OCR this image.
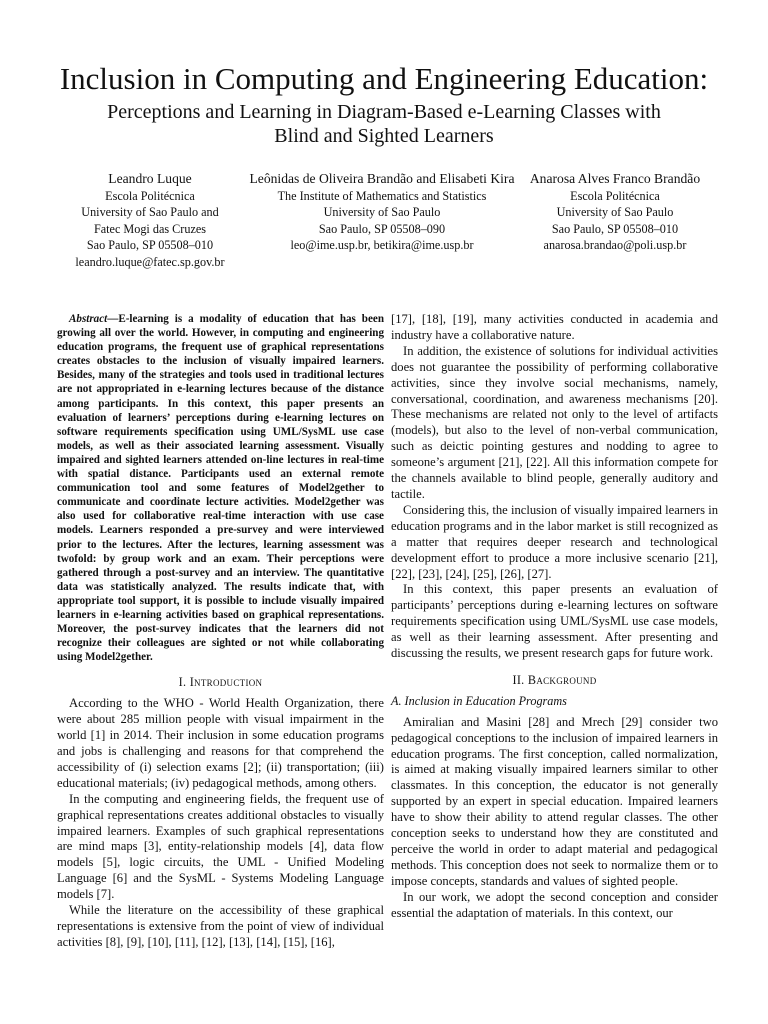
Inclusion in Computing and Engineering Education:
Perceptions and Learning in Diagram-Based e-Learning Classes with
Blind and Sighted Learners
Leandro Luque
Escola Politécnica
University of Sao Paulo and
Fatec Mogi das Cruzes
Sao Paulo, SP 05508–010
leandro.luque@fatec.sp.gov.br
Leônidas de Oliveira Brandão and Elisabeti Kira
The Institute of Mathematics and Statistics
University of Sao Paulo
Sao Paulo, SP 05508–090
leo@ime.usp.br, betikira@ime.usp.br
Anarosa Alves Franco Brandão
Escola Politécnica
University of Sao Paulo
Sao Paulo, SP 05508–010
anarosa.brandao@poli.usp.br

Abstract—E-learning is a modality of education that has been growing all over the world. However, in computing and engineering education programs, the frequent use of graphical representations creates obstacles to the inclusion of visually impaired learners. Besides, many of the strategies and tools used in traditional lectures are not appropriated in e-learning lectures because of the distance among participants. In this context, this paper presents an evaluation of learners’ perceptions during e-learning lectures on software requirements specification using UML/SysML use case models, as well as their associated learning assessment. Visually impaired and sighted learners attended on-line lectures in real-time with spatial distance. Participants used an external remote communication tool and some features of Model2gether to communicate and coordinate lecture activities. Model2gether was also used for collaborative real-time interaction with use case models. Learners responded a pre-survey and were interviewed prior to the lectures. After the lectures, learning assessment was twofold: by group work and an exam. Their perceptions were gathered through a post-survey and an interview. The quantitative data was statistically analyzed. The results indicate that, with appropriate tool support, it is possible to include visually impaired learners in e-learning activities based on graphical representations. Moreover, the post-survey indicates that the learners did not recognize their colleagues are sighted or not while collaborating using Model2gether.

I. Introduction

According to the WHO - World Health Organization, there were about 285 million people with visual impairment in the world [1] in 2014. Their inclusion in some education programs and jobs is challenging and reasons for that comprehend the accessibility of (i) selection exams [2]; (ii) transportation; (iii) educational materials; (iv) pedagogical methods, among others.

In the computing and engineering fields, the frequent use of graphical representations creates additional obstacles to visually impaired learners. Examples of such graphical representations are mind maps [3], entity-relationship models [4], data flow models [5], logic circuits, the UML - Unified Modeling Language [6] and the SysML - Systems Modeling Language models [7].

While the literature on the accessibility of these graphical representations is extensive from the point of view of individual activities [8], [9], [10], [11], [12], [13], [14], [15], [16],

[17], [18], [19], many activities conducted in academia and industry have a collaborative nature.

In addition, the existence of solutions for individual activities does not guarantee the possibility of performing collaborative activities, since they involve social mechanisms, namely, conversational, coordination, and awareness mechanisms [20]. These mechanisms are related not only to the level of artifacts (models), but also to the level of non-verbal communication, such as deictic pointing gestures and nodding to agree to someone’s argument [21], [22]. All this information compete for the channels available to blind people, generally auditory and tactile.

Considering this, the inclusion of visually impaired learners in education programs and in the labor market is still recognized as a matter that requires deeper research and technological development effort to produce a more inclusive scenario [21], [22], [23], [24], [25], [26], [27].

In this context, this paper presents an evaluation of participants’ perceptions during e-learning lectures on software requirements specification using UML/SysML use case models, as well as their learning assessment. After presenting and discussing the results, we present research gaps for future work.

II. Background
A. Inclusion in Education Programs

Amiralian and Masini [28] and Mrech [29] consider two pedagogical conceptions to the inclusion of impaired learners in education programs. The first conception, called normalization, is aimed at making visually impaired learners similar to other classmates. In this conception, the educator is not generally supported by an expert in special education. Impaired learners have to show their ability to attend regular classes. The other conception seeks to understand how they are constituted and perceive the world in order to adapt material and pedagogical methods. This conception does not seek to normalize them or to impose concepts, standards and values of sighted people.

In our work, we adopt the second conception and consider essential the adaptation of materials. In this context, our
